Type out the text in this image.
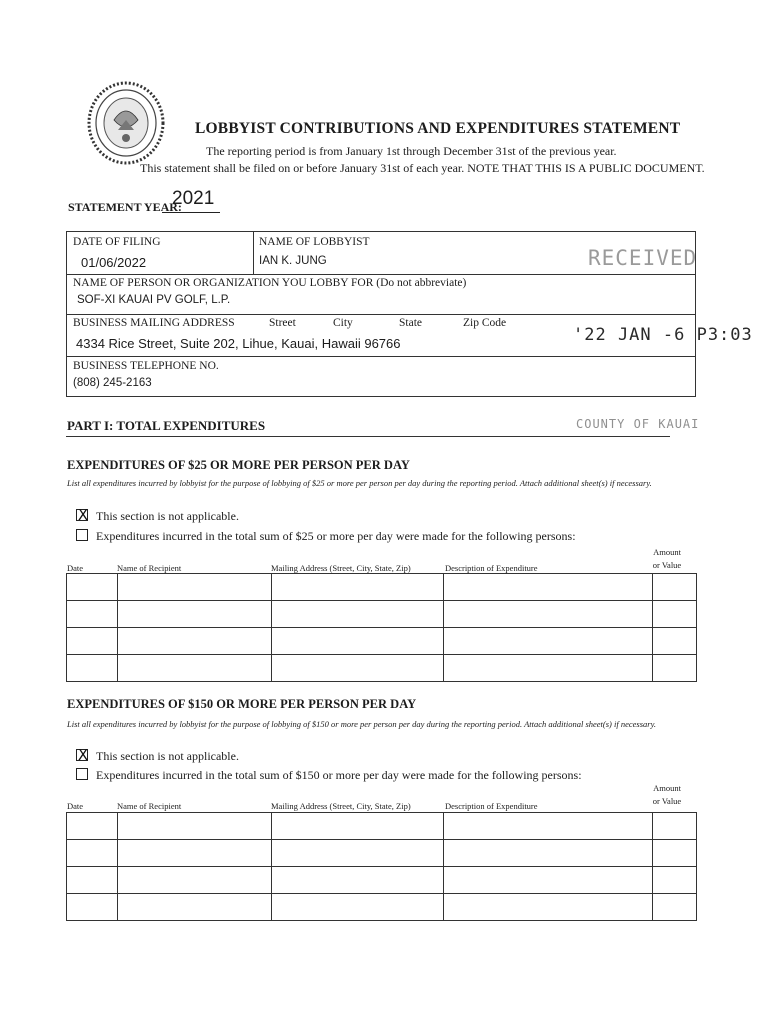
LOBBYIST CONTRIBUTIONS AND EXPENDITURES STATEMENT
The reporting period is from January 1st through December 31st of the previous year.
This statement shall be filed on or before January 31st of each year. NOTE THAT THIS IS A PUBLIC DOCUMENT.
STATEMENT YEAR:
2021
DATE OF FILING
01/06/2022
NAME OF LOBBYIST
IAN K. JUNG
NAME OF PERSON OR ORGANIZATION YOU LOBBY FOR (Do not abbreviate)
SOF-XI KAUAI PV GOLF, L.P.
BUSINESS MAILING ADDRESS	Street	City	State	Zip Code
4334 Rice Street, Suite 202, Lihue, Kauai, Hawaii 96766
BUSINESS TELEPHONE NO.
(808) 245-2163
RECEIVED
'22 JAN -6 P3:03
COUNTY OF KAUAI
PART I: TOTAL EXPENDITURES
EXPENDITURES OF $25 OR MORE PER PERSON PER DAY
List all expenditures incurred by lobbyist for the purpose of lobbying of $25 or more per person per day during the reporting period. Attach additional sheet(s) if necessary.
X This section is not applicable.
Expenditures incurred in the total sum of $25 or more per day were made for the following persons:
Date	Name of Recipient	Mailing Address (Street, City, State, Zip)	Description of Expenditure
Amount
or Value

EXPENDITURES OF $150 OR MORE PER PERSON PER DAY
List all expenditures incurred by lobbyist for the purpose of lobbying of $150 or more per person per day during the reporting period. Attach additional sheet(s) if necessary.
X This section is not applicable.
Expenditures incurred in the total sum of $150 or more per day were made for the following persons:
Date	Name of Recipient	Mailing Address (Street, City, State, Zip)	Description of Expenditure
Amount
or Value
